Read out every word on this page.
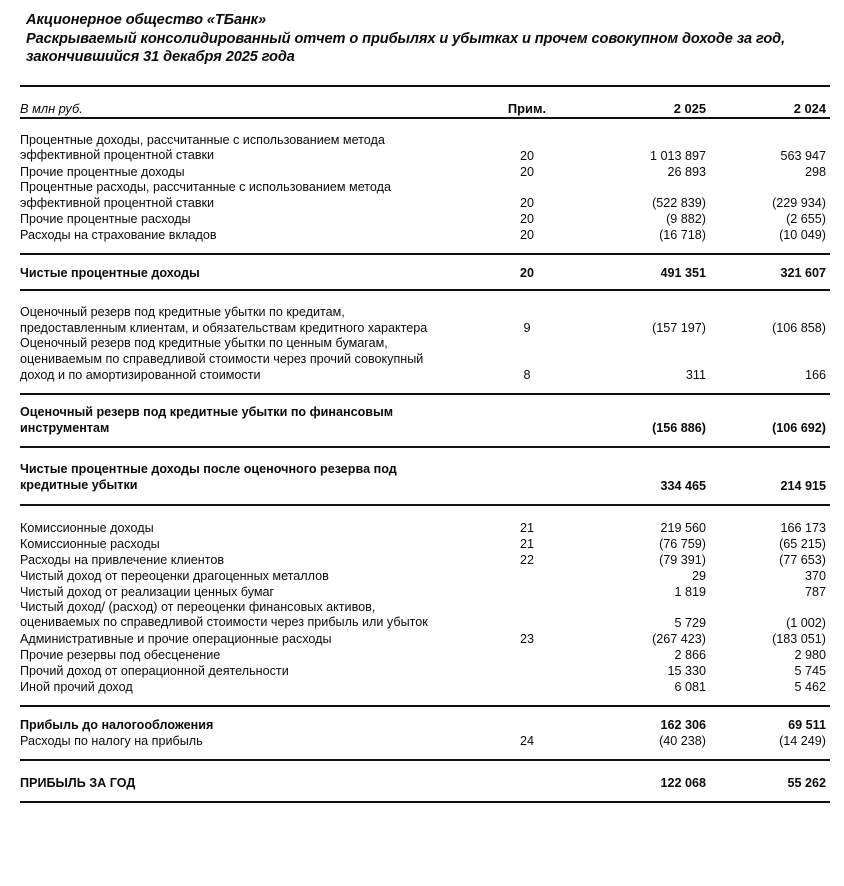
Акционерное общество «ТБанк»
Раскрываемый консолидированный отчет о прибылях и убытках и прочем совокупном доходе за год, закончившийся 31 декабря 2025 года
В млн руб.	Прим.	2 025	2 024

Процентные доходы, рассчитанные с использованием метода
эффективной процентной ставки	20	1 013 897	563 947
Прочие процентные доходы	20	26 893	298
Процентные расходы, рассчитанные с использованием метода
эффективной процентной ставки	20	(522 839)	(229 934)
Прочие процентные расходы	20	(9 882)	(2 655)
Расходы на страхование вкладов	20	(16 718)	(10 049)

Чистые процентные доходы	20	491 351	321 607

Оценочный резерв под кредитные убытки по кредитам,
предоставленным клиентам, и обязательствам кредитного характера	9	(157 197)	(106 858)
Оценочный резерв под кредитные убытки по ценным бумагам,
оцениваемым по справедливой стоимости через прочий совокупный
доход и по амортизированной стоимости	8	311	166

Оценочный резерв под кредитные убытки по финансовым
инструментам		(156 886)	(106 692)

Чистые процентные доходы после оценочного резерва под
кредитные убытки		334 465	214 915

Комиссионные доходы	21	219 560	166 173
Комиссионные расходы	21	(76 759)	(65 215)
Расходы на привлечение клиентов	22	(79 391)	(77 653)
Чистый доход от переоценки драгоценных металлов		29	370
Чистый доход от реализации ценных бумаг		1 819	787
Чистый доход/ (расход) от переоценки финансовых активов,
оцениваемых по справедливой стоимости через прибыль или убыток		5 729	(1 002)
Административные и прочие операционные расходы	23	(267 423)	(183 051)
Прочие резервы под обесценение		2 866	2 980
Прочий доход от операционной деятельности		15 330	5 745
Иной прочий доход		6 081	5 462

Прибыль до налогообложения		162 306	69 511
Расходы по налогу на прибыль	24	(40 238)	(14 249)

ПРИБЫЛЬ ЗА ГОД		122 068	55 262
